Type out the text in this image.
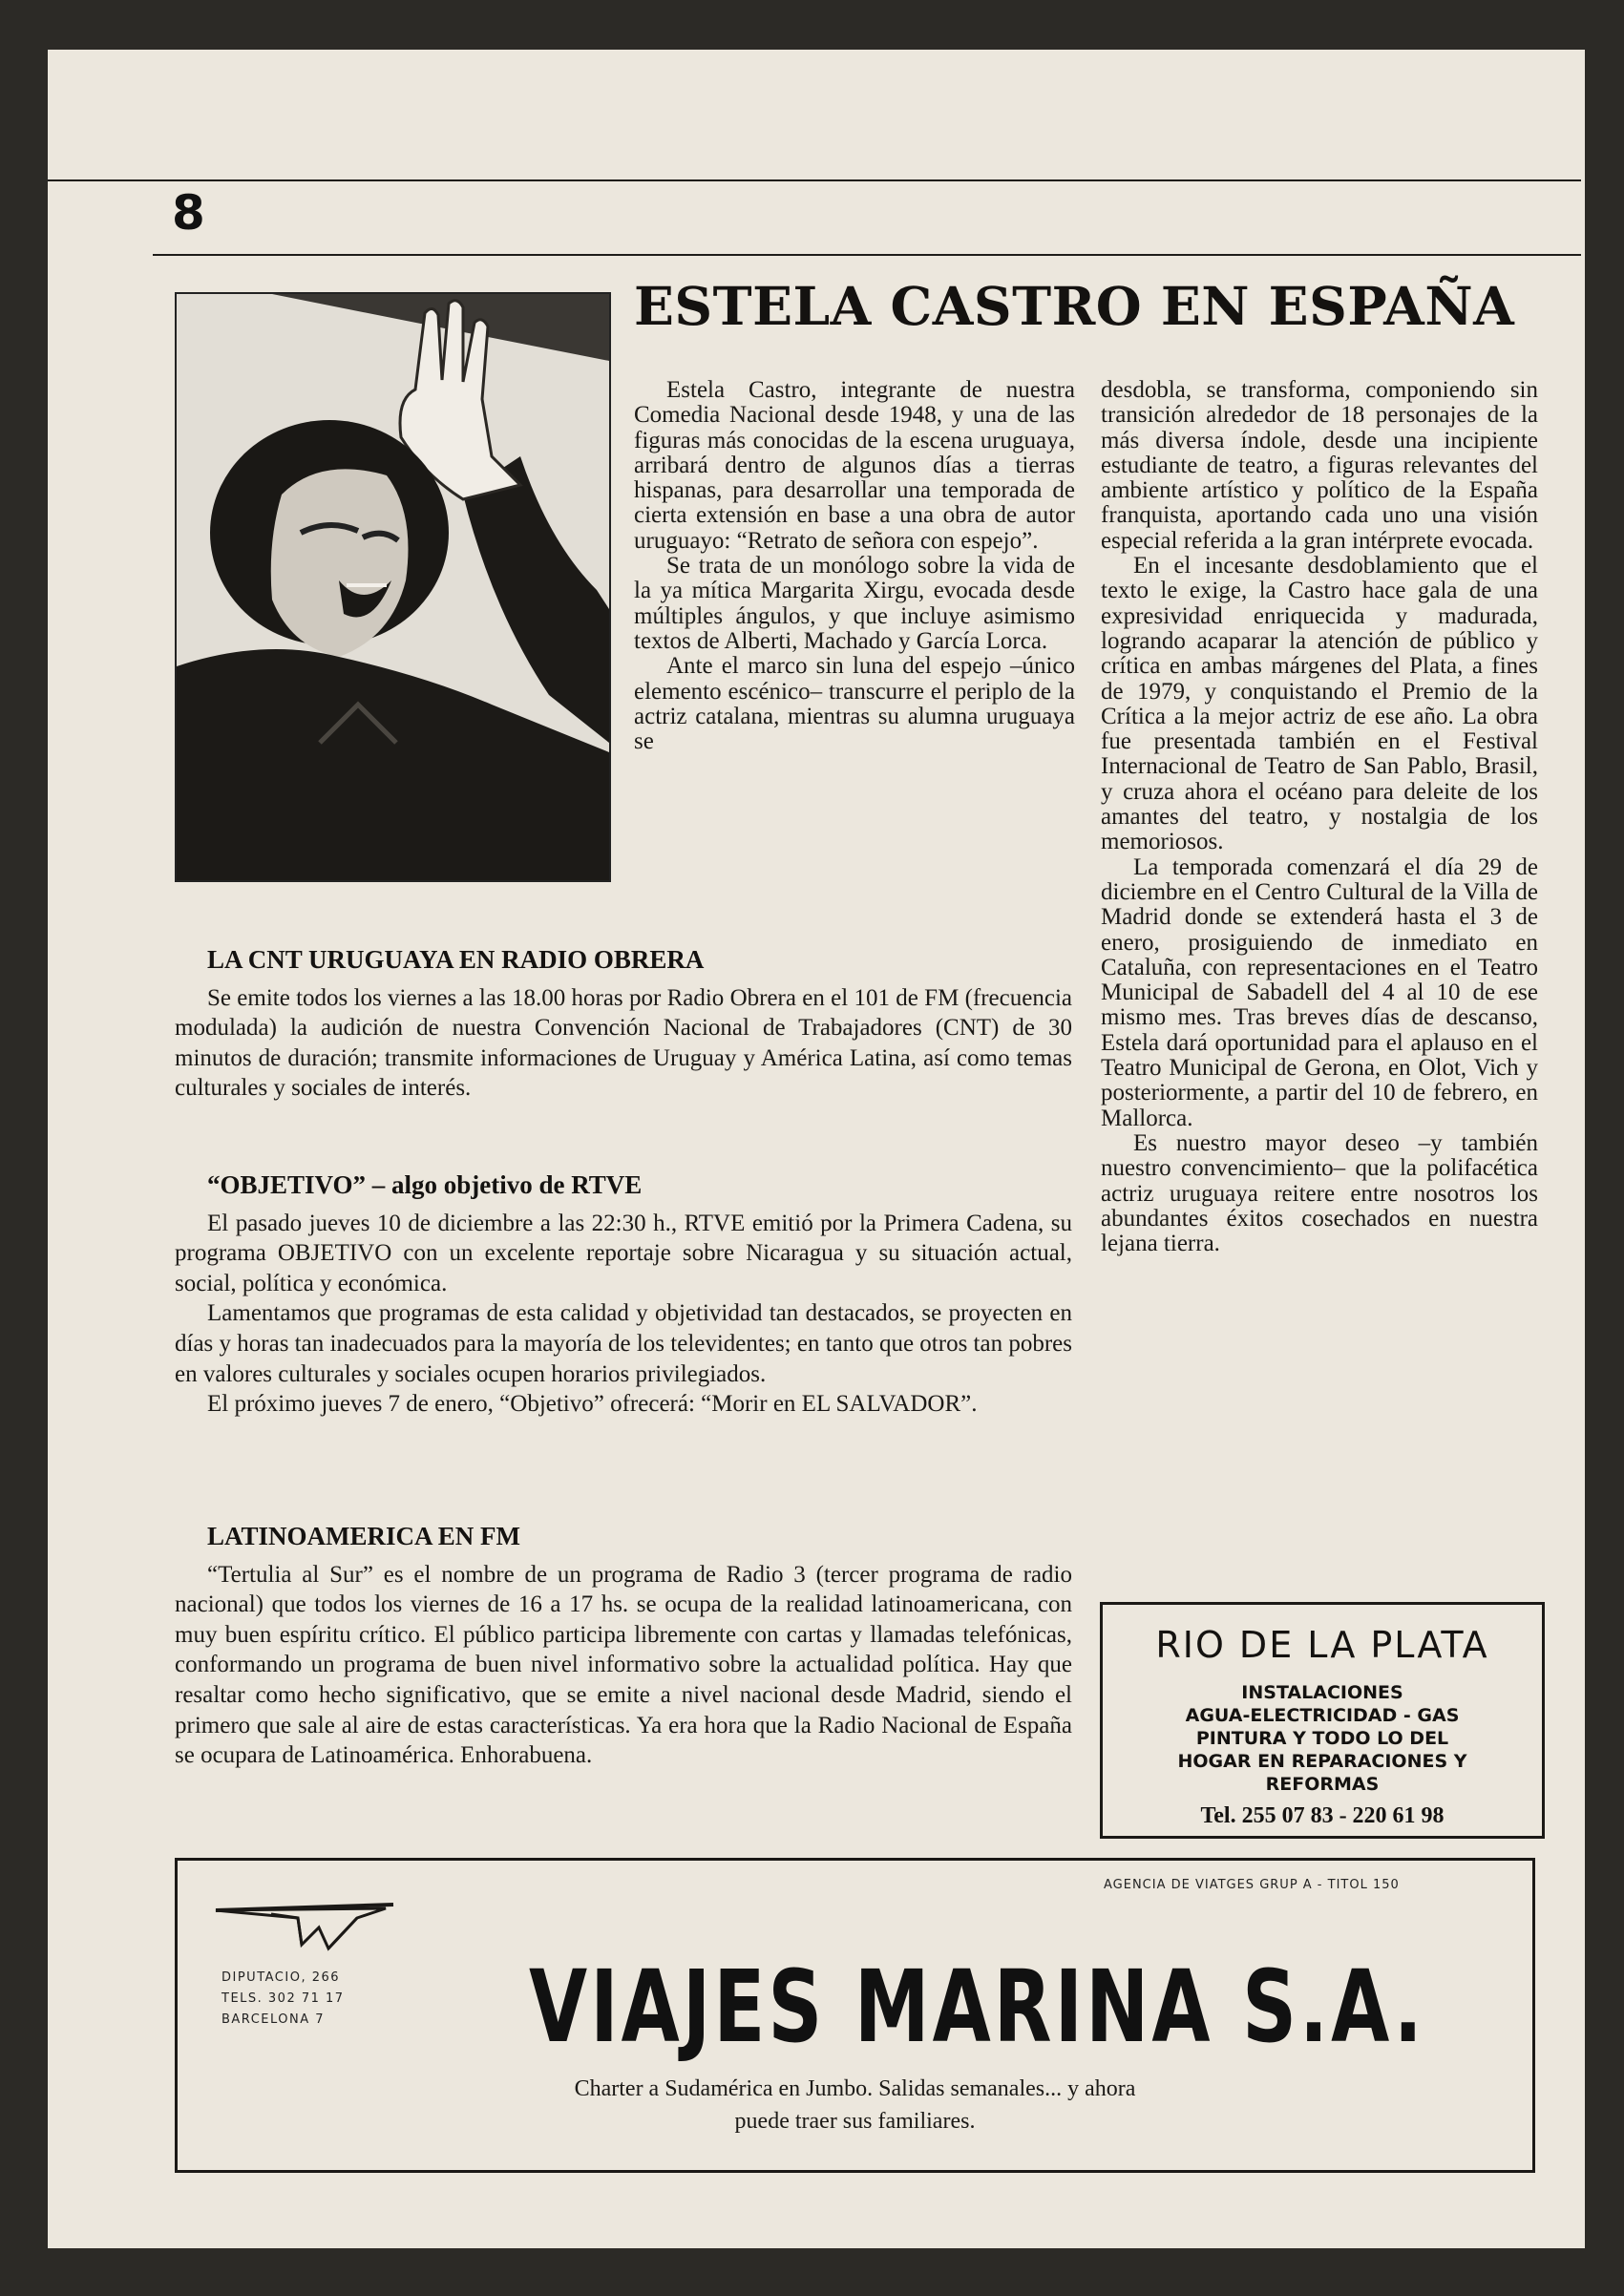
8
ESTELA CASTRO EN ESPAÑA

Estela Castro, integrante de nuestra Comedia Nacional desde 1948, y una de las figuras más conocidas de la escena uruguaya, arribará dentro de algunos días a tierras hispanas, para desarrollar una temporada de cierta extensión en base a una obra de autor uruguayo: “Retrato de señora con espejo”.

Se trata de un monólogo sobre la vida de la ya mítica Margarita Xirgu, evocada desde múltiples ángulos, y que incluye asimismo textos de Alberti, Machado y García Lorca.

Ante el marco sin luna del espejo –único elemento escénico– transcurre el periplo de la actriz catalana, mientras su alumna uruguaya se

desdobla, se transforma, componiendo sin transición alrededor de 18 personajes de la más diversa índole, desde una incipiente estudiante de teatro, a figuras relevantes del ambiente artístico y político de la España franquista, aportando cada uno una visión especial referida a la gran intérprete evocada.

En el incesante desdoblamiento que el texto le exige, la Castro hace gala de una expresividad enriquecida y madurada, logrando acaparar la atención de público y crítica en ambas márgenes del Plata, a fines de 1979, y conquistando el Premio de la Crítica a la mejor actriz de ese año. La obra fue presentada también en el Festival Internacional de Teatro de San Pablo, Brasil, y cruza ahora el océano para deleite de los amantes del teatro, y nostalgia de los memoriosos.

La temporada comenzará el día 29 de diciembre en el Centro Cultural de la Villa de Madrid donde se extenderá hasta el 3 de enero, prosiguiendo de inmediato en Cataluña, con representaciones en el Teatro Municipal de Sabadell del 4 al 10 de ese mismo mes. Tras breves días de descanso, Estela dará oportunidad para el aplauso en el Teatro Municipal de Gerona, en Olot, Vich y posteriormente, a partir del 10 de febrero, en Mallorca.

Es nuestro mayor deseo –y también nuestro convencimiento– que la polifacética actriz uruguaya reitere entre nosotros los abundantes éxitos cosechados en nuestra lejana tierra.

LA CNT URUGUAYA EN RADIO OBRERA

Se emite todos los viernes a las 18.00 horas por Radio Obrera en el 101 de FM (frecuencia modulada) la audición de nuestra Convención Nacional de Trabajadores (CNT) de 30 minutos de duración; transmite informaciones de Uruguay y América Latina, así como temas culturales y sociales de interés.

“OBJETIVO” – algo objetivo de RTVE

El pasado jueves 10 de diciembre a las 22:30 h., RTVE emitió por la Primera Cadena, su programa OBJETIVO con un excelente reportaje sobre Nicaragua y su situación actual, social, política y económica.

Lamentamos que programas de esta calidad y objetividad tan destacados, se proyecten en días y horas tan inadecuados para la mayoría de los televidentes; en tanto que otros tan pobres en valores culturales y sociales ocupen horarios privilegiados.

El próximo jueves 7 de enero, “Objetivo” ofrecerá: “Morir en EL SALVADOR”.

LATINOAMERICA EN FM

“Tertulia al Sur” es el nombre de un programa de Radio 3 (tercer programa de radio nacional) que todos los viernes de 16 a 17 hs. se ocupa de la realidad latinoamericana, con muy buen espíritu crítico. El público participa libremente con cartas y llamadas telefónicas, conformando un programa de buen nivel informativo sobre la actualidad política. Hay que resaltar como hecho significativo, que se emite a nivel nacional desde Madrid, siendo el primero que sale al aire de estas características. Ya era hora que la Radio Nacional de España se ocupara de Latinoamérica. Enhorabuena.

RIO DE LA PLATA
INSTALACIONES
AGUA-ELECTRICIDAD - GAS
PINTURA Y TODO LO DEL
HOGAR EN REPARACIONES Y
REFORMAS
Tel. 255 07 83 - 220 61 98
AGENCIA DE VIATGES GRUP A - TITOL 150
DIPUTACIO, 266
TELS. 302 71 17
BARCELONA 7 VIAJES MARINA S.A.
Charter a Sudamérica en Jumbo. Salidas semanales... y ahora
puede traer sus familiares.
